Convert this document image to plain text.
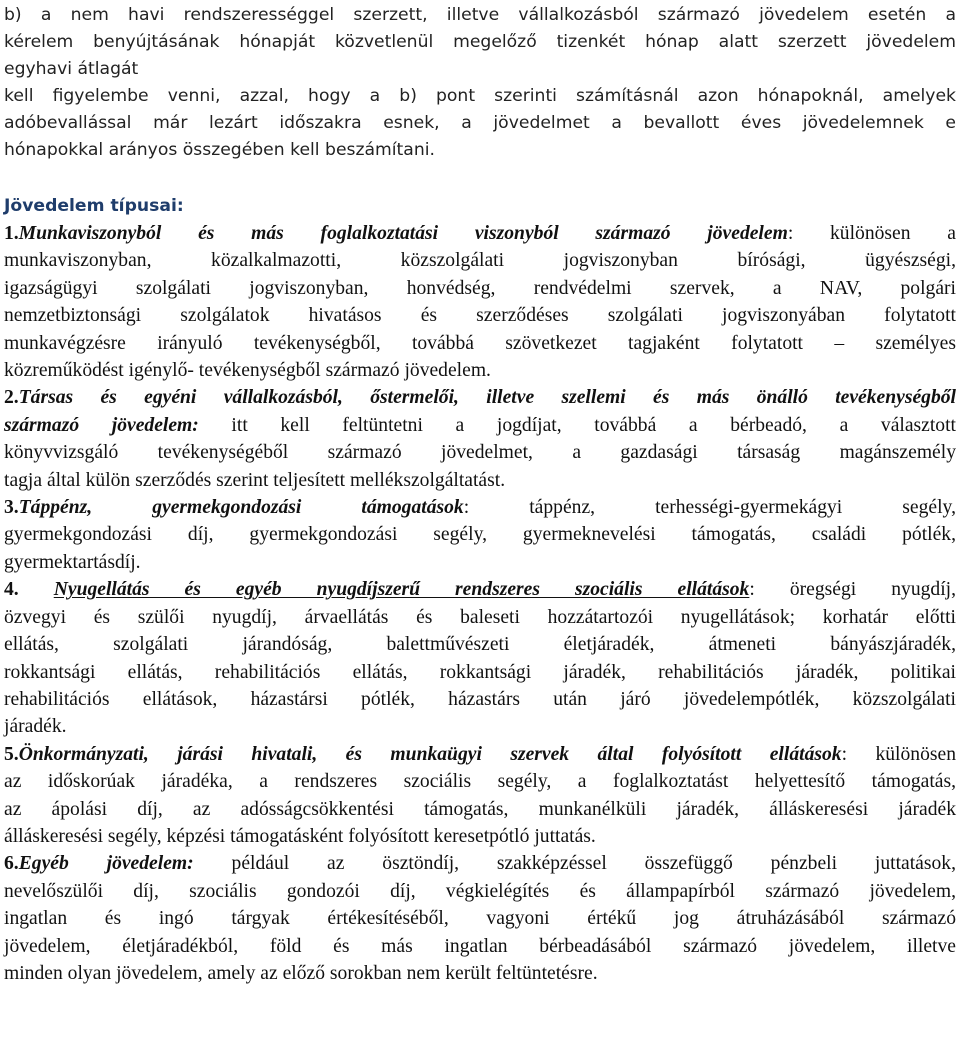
b) a nem havi rendszerességgel szerzett, illetve vállalkozásból származó jövedelem esetén a
kérelem benyújtásának hónapját közvetlenül megelőző tizenkét hónap alatt szerzett jövedelem
egyhavi átlagát
kell figyelembe venni, azzal, hogy a b) pont szerinti számításnál azon hónapoknál, amelyek
adóbevallással már lezárt időszakra esnek, a jövedelmet a bevallott éves jövedelemnek e
hónapokkal arányos összegében kell beszámítani.
Jövedelem típusai:
1.Munkaviszonyból és más foglalkoztatási viszonyból származó jövedelem: különösen a
munkaviszonyban, közalkalmazotti, közszolgálati jogviszonyban bírósági, ügyészségi,
igazságügyi szolgálati jogviszonyban, honvédség, rendvédelmi szervek, a NAV, polgári
nemzetbiztonsági szolgálatok hivatásos és szerződéses szolgálati jogviszonyában folytatott
munkavégzésre irányuló tevékenységből, továbbá szövetkezet tagjaként folytatott – személyes
közreműködést igénylő- tevékenységből származó jövedelem.
2.Társas és egyéni vállalkozásból, őstermelői, illetve szellemi és más önálló tevékenységből
származó jövedelem: itt kell feltüntetni a jogdíjat, továbbá a bérbeadó, a választott
könyvvizsgáló tevékenységéből származó jövedelmet, a gazdasági társaság magánszemély
tagja által külön szerződés szerint teljesített mellékszolgáltatást.
3.Táppénz, gyermekgondozási támogatások: táppénz, terhességi-gyermekágyi segély,
gyermekgondozási díj, gyermekgondozási segély, gyermeknevelési támogatás, családi pótlék,
gyermektartásdíj.
4. Nyugellátás és egyéb nyugdíjszerű rendszeres szociális ellátások: öregségi nyugdíj,
özvegyi és szülői nyugdíj, árvaellátás és baleseti hozzátartozói nyugellátások; korhatár előtti
ellátás, szolgálati járandóság, balettművészeti életjáradék, átmeneti bányászjáradék,
rokkantsági ellátás, rehabilitációs ellátás, rokkantsági járadék, rehabilitációs járadék, politikai
rehabilitációs ellátások, házastársi pótlék, házastárs után járó jövedelempótlék, közszolgálati
járadék.
5.Önkormányzati, járási hivatali, és munkaügyi szervek által folyósított ellátások: különösen
az időskorúak járadéka, a rendszeres szociális segély, a foglalkoztatást helyettesítő támogatás,
az ápolási díj, az adósságcsökkentési támogatás, munkanélküli járadék, álláskeresési járadék
álláskeresési segély, képzési támogatásként folyósított keresetpótló juttatás.
6.Egyéb jövedelem: például az ösztöndíj, szakképzéssel összefüggő pénzbeli juttatások,
nevelőszülői díj, szociális gondozói díj, végkielégítés és állampapírból származó jövedelem,
ingatlan és ingó tárgyak értékesítéséből, vagyoni értékű jog átruházásából származó
jövedelem, életjáradékból, föld és más ingatlan bérbeadásából származó jövedelem, illetve
minden olyan jövedelem, amely az előző sorokban nem került feltüntetésre.
